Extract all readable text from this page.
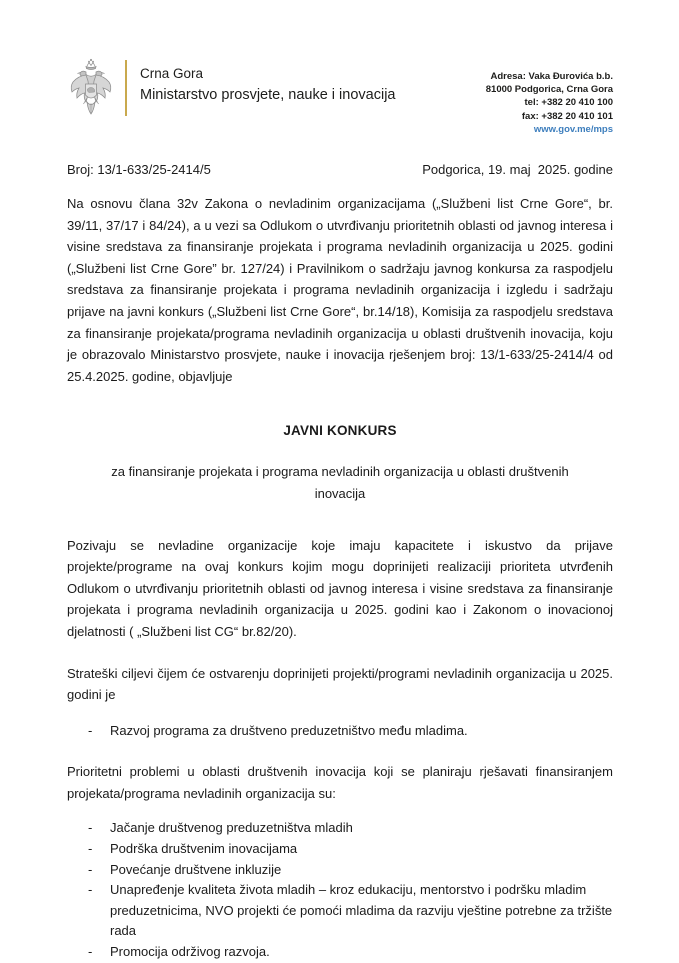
Crna Gora
Ministarstvo prosvjete, nauke i inovacija
Adresa: Vaka Đurovića b.b.
81000 Podgorica, Crna Gora
tel: +382 20 410 100
fax: +382 20 410 101
www.gov.me/mps
Broj: 13/1-633/25-2414/5	Podgorica, 19. maj  2025. godine

Na osnovu člana 32v Zakona o nevladinim organizacijama („Službeni list Crne Gore“, br. 39/11, 37/17 i 84/24), a u vezi sa Odlukom o utvrđivanju prioritetnih oblasti od javnog interesa i visine sredstava za finansiranje projekata i programa nevladinih organizacija u 2025. godini („Službeni list Crne Gore” br. 127/24) i Pravilnikom o sadržaju javnog konkursa za raspodjelu sredstava za finansiranje projekata i programa nevladinih organizacija i izgledu i sadržaju prijave na javni konkurs („Službeni list Crne Gore“, br.14/18), Komisija za raspodjelu sredstava za finansiranje projekata/programa nevladinih organizacija u oblasti društvenih inovacija, koju je obrazovalo Ministarstvo prosvjete, nauke i inovacija rješenjem broj: 13/1-633/25-2414/4 od 25.4.2025. godine, objavljuje

JAVNI KONKURS

za finansiranje projekata i programa nevladinih organizacija u oblasti društvenih inovacija

Pozivaju se nevladine organizacije koje imaju kapacitete i iskustvo da prijave projekte/programe na ovaj konkurs kojim mogu doprinijeti realizaciji prioriteta utvrđenih Odlukom o utvrđivanju prioritetnih oblasti od javnog interesa i visine sredstava za finansiranje projekata i programa nevladinih organizacija u 2025. godini kao i Zakonom o inovacionoj djelatnosti ( „Službeni list CG“ br.82/20).

Strateški ciljevi čijem će ostvarenju doprinijeti projekti/programi nevladinih organizacija u 2025. godini je

- Razvoj programa za društveno preduzetništvo među mladima.

Prioritetni problemi u oblasti društvenih inovacija koji se planiraju rješavati finansiranjem projekata/programa nevladinih organizacija su:

- Jačanje društvenog preduzetništva mladih
- Podrška društvenim inovacijama
- Povećanje društvene inkluzije
- Unapređenje kvaliteta života mladih – kroz edukaciju, mentorstvo i podršku mladim preduzetnicima, NVO projekti će pomoći mladima da razviju vještine potrebne za tržište rada
- Promocija održivog razvoja.
